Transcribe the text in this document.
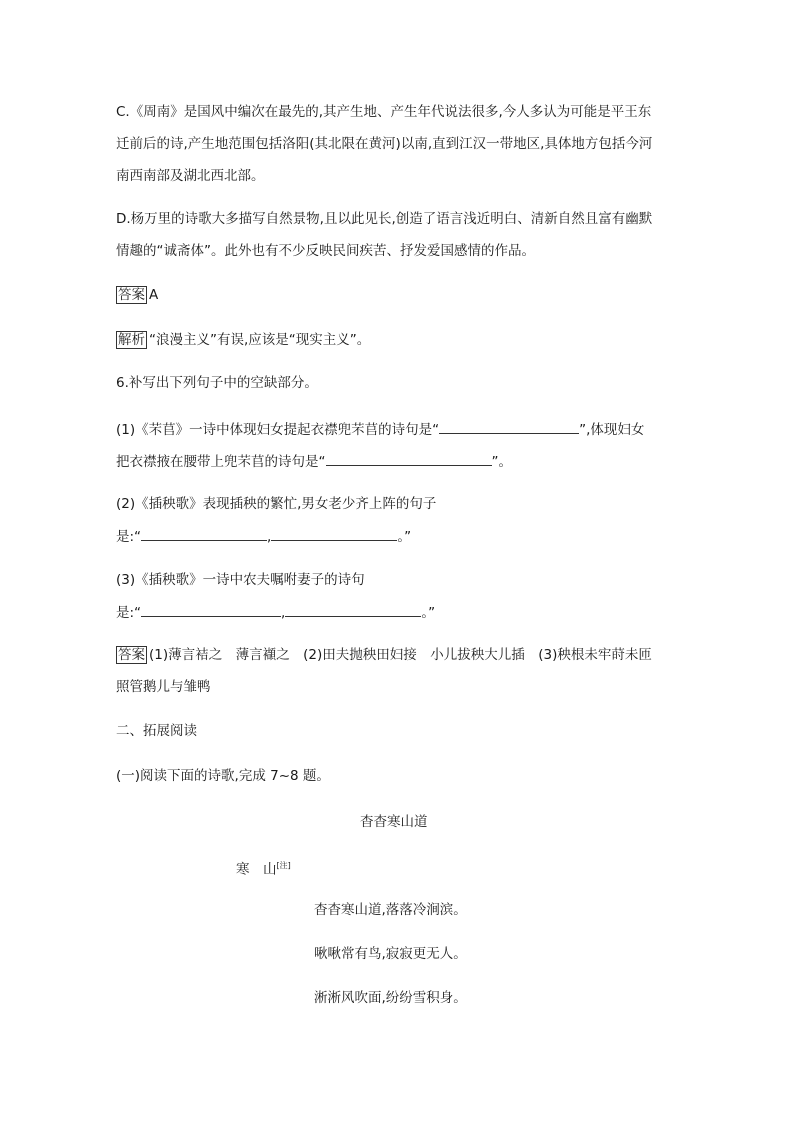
C.《周南》是国风中编次在最先的,其产生地、产生年代说法很多,今人多认为可能是平王东
迁前后的诗,产生地范围包括洛阳(其北限在黄河)以南,直到江汉一带地区,具体地方包括今河
南西南部及湖北西北部。
D.杨万里的诗歌大多描写自然景物,且以此见长,创造了语言浅近明白、清新自然且富有幽默
情趣的“诚斋体”。此外也有不少反映民间疾苦、抒发爱国感情的作品。
答案 A
解析 “浪漫主义”有误,应该是“现实主义”。
6.补写出下列句子中的空缺部分。
(1)《芣苢》一诗中体现妇女提起衣襟兜芣苢的诗句是“	”,体现妇女
把衣襟掖在腰带上兜芣苢的诗句是“	”。
(2)《插秧歌》表现插秧的繁忙,男女老少齐上阵的句子
是:“	,	。”
(3)《插秧歌》一诗中农夫嘱咐妻子的诗句
是:“	,	。”
答案 (1)薄言袺之　薄言襭之　(2)田夫抛秧田妇接　小儿拔秧大儿插　(3)秧根未牢莳未匝
照管鹅儿与雏鸭
二、拓展阅读
(一)阅读下面的诗歌,完成 7~8 题。
杳杳寒山道
寒　山[注]
杳杳寒山道,落落冷涧滨。
啾啾常有鸟,寂寂更无人。
淅淅风吹面,纷纷雪积身。
